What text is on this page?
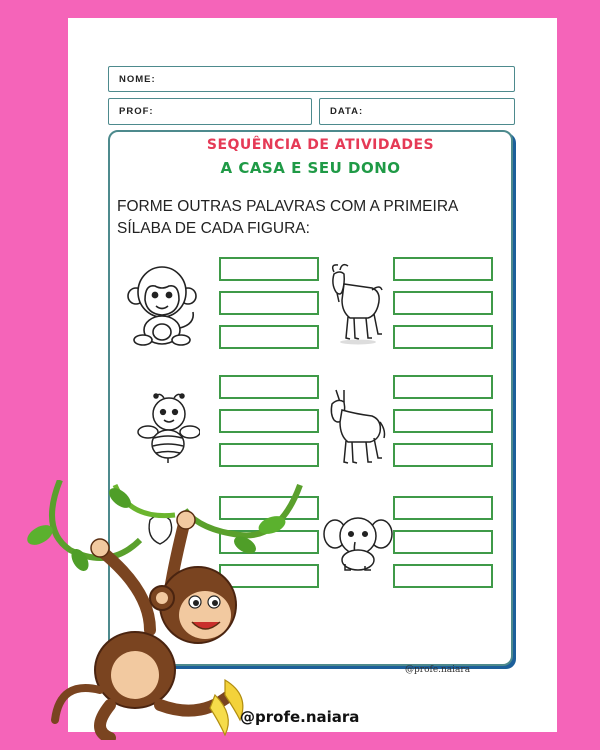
NOME:
PROF:	DATA:
SEQUÊNCIA DE ATIVIDADES
A CASA E SEU DONO
FORME OUTRAS PALAVRAS COM A PRIMEIRA
SÍLABA DE CADA FIGURA:
@profe.naiara
@profe.naiara
